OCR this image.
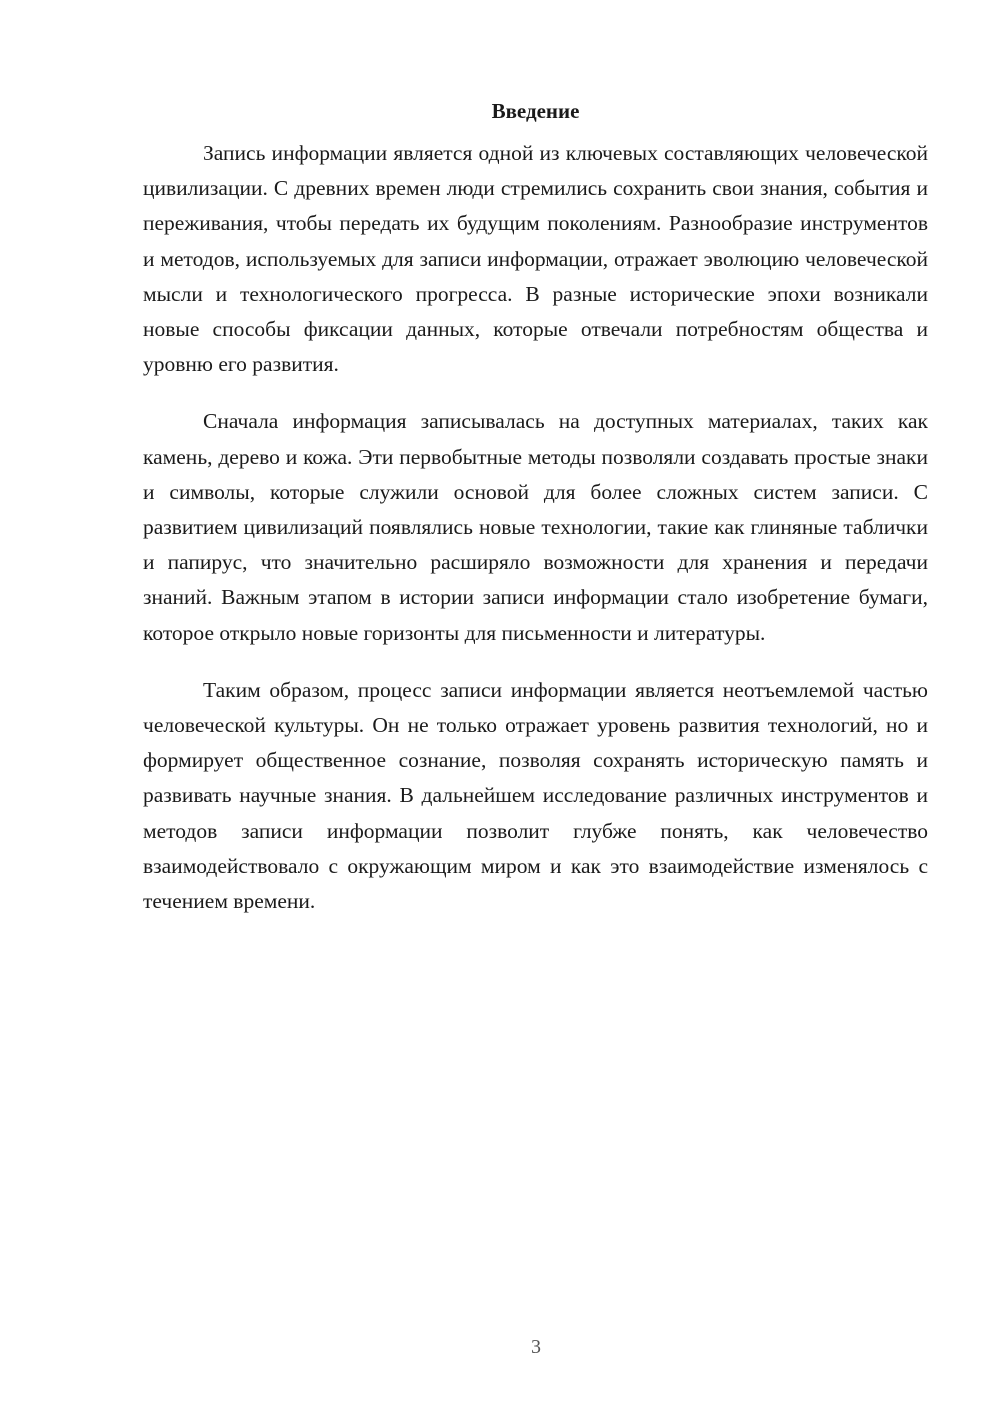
Введение

Запись информации является одной из ключевых составляющих человеческой цивилизации. С древних времен люди стремились сохранить свои знания, события и переживания, чтобы передать их будущим поколениям. Разнообразие инструментов и методов, используемых для записи информации, отражает эволюцию человеческой мысли и технологического прогресса. В разные исторические эпохи возникали новые способы фиксации данных, которые отвечали потребностям общества и уровню его развития.

Сначала информация записывалась на доступных материалах, таких как камень, дерево и кожа. Эти первобытные методы позволяли создавать простые знаки и символы, которые служили основой для более сложных систем записи. С развитием цивилизаций появлялись новые технологии, такие как глиняные таблички и папирус, что значительно расширяло возможности для хранения и передачи знаний. Важным этапом в истории записи информации стало изобретение бумаги, которое открыло новые горизонты для письменности и литературы.

Таким образом, процесс записи информации является неотъемлемой частью человеческой культуры. Он не только отражает уровень развития технологий, но и формирует общественное сознание, позволяя сохранять историческую память и развивать научные знания. В дальнейшем исследование различных инструментов и методов записи информации позволит глубже понять, как человечество взаимодействовало с окружающим миром и как это взаимодействие изменялось с течением времени.

3
